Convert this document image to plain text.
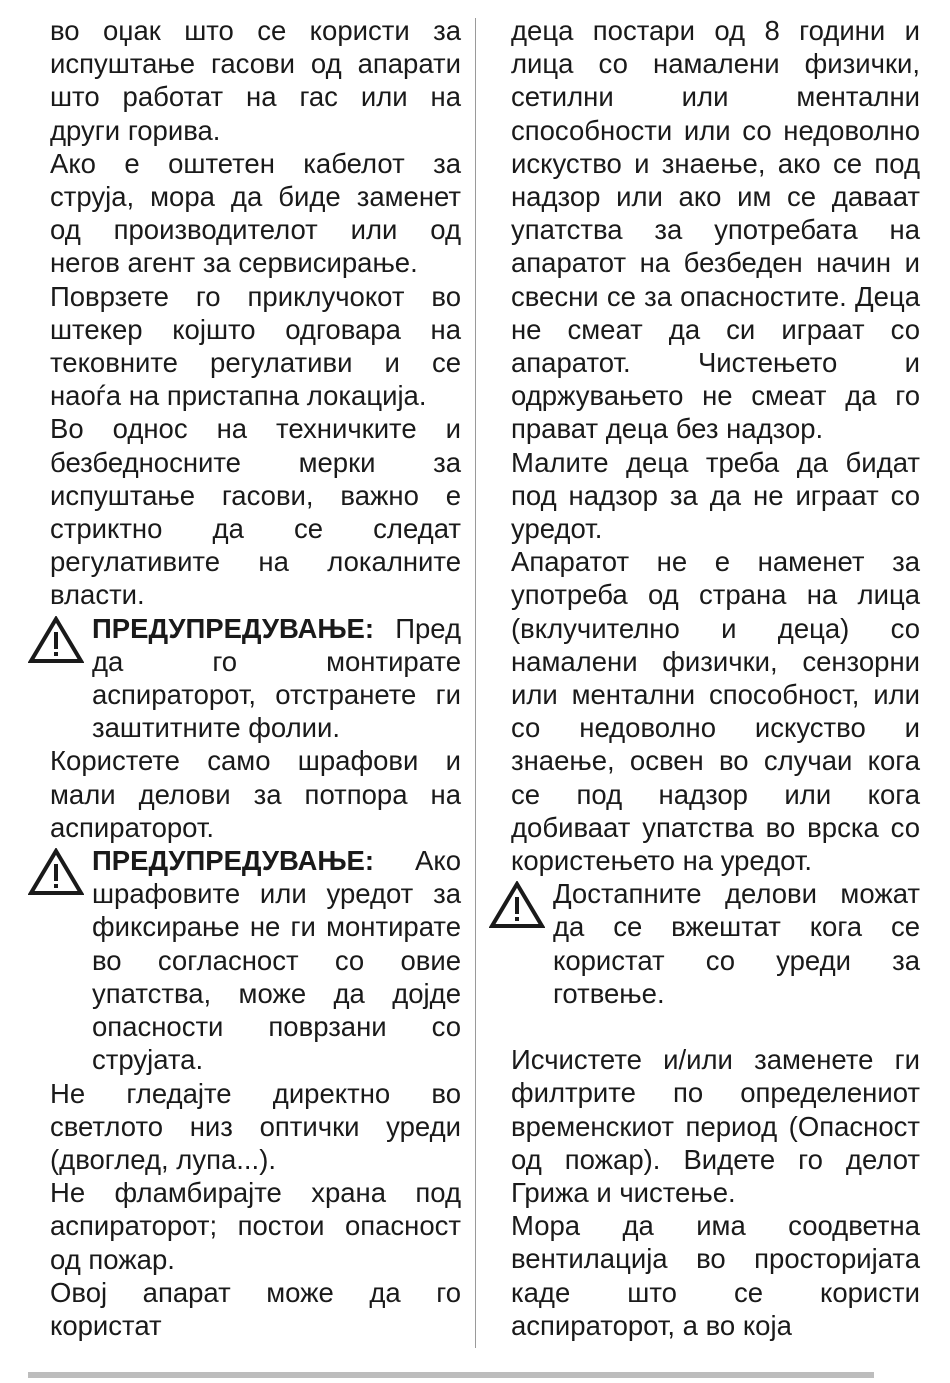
во оџак што се користи за испуштање гасови од апарати што работат на гас или на други горива.

Ако е оштетен кабелот за струја, мора да биде заменет од производителот или од негов агент за сервисирање.

Поврзете го приклучокот во штекер којшто одговара на тековните регулативи и се наоѓа на пристапна локација.

Во однос на техничките и безбедносните мерки за испуштање гасови, важно е стриктно да се следат регулативите на локалните власти.

ПРЕДУПРЕДУВАЊЕ: Пред да го монтирате аспираторот, отстранете ги заштитните фолии.

Користете само шрафови и мали делови за потпора на аспираторот.

ПРЕДУПРЕДУВАЊЕ: Ако шрафовите или уредот за фиксирање не ги монтирате во согласност со овие упатства, може да дојде опасности поврзани со струјата.

Не гледајте директно во светлото низ оптички уреди (двоглед, лупа...).

Не фламбирајте храна под аспираторот; постои опасност од пожар.

Овој апарат може да го користат

деца постари од 8 години и лица со намалени физички, сетилни или ментални способности или со недоволно искуство и знаење, ако се под надзор или ако им се даваат упатства за употребата на апаратот на безбеден начин и свесни се за опасностите. Деца не смеат да си играат со апаратот. Чистењето и одржувањето не смеат да го прават деца без надзор.

Малите деца треба да бидат под надзор за да не играат со уредот.

Апаратот не е наменет за употреба од страна на лица (вклучително и деца) со намалени физички, сензорни или ментални способност, или со недоволно искуство и знаење, освен во случаи кога се под надзор или кога добиваат упатства во врска со користењето на уредот.

Достапните делови можат да се вжештат кога се користат со уреди за готвење.

Исчистете и/или заменете ги филтрите по определениот временскиот период (Опасност од пожар). Видете го делот Грижа и чистење.

Мора да има соодветна вентилација во просторијата каде што се користи аспираторот, а во која
